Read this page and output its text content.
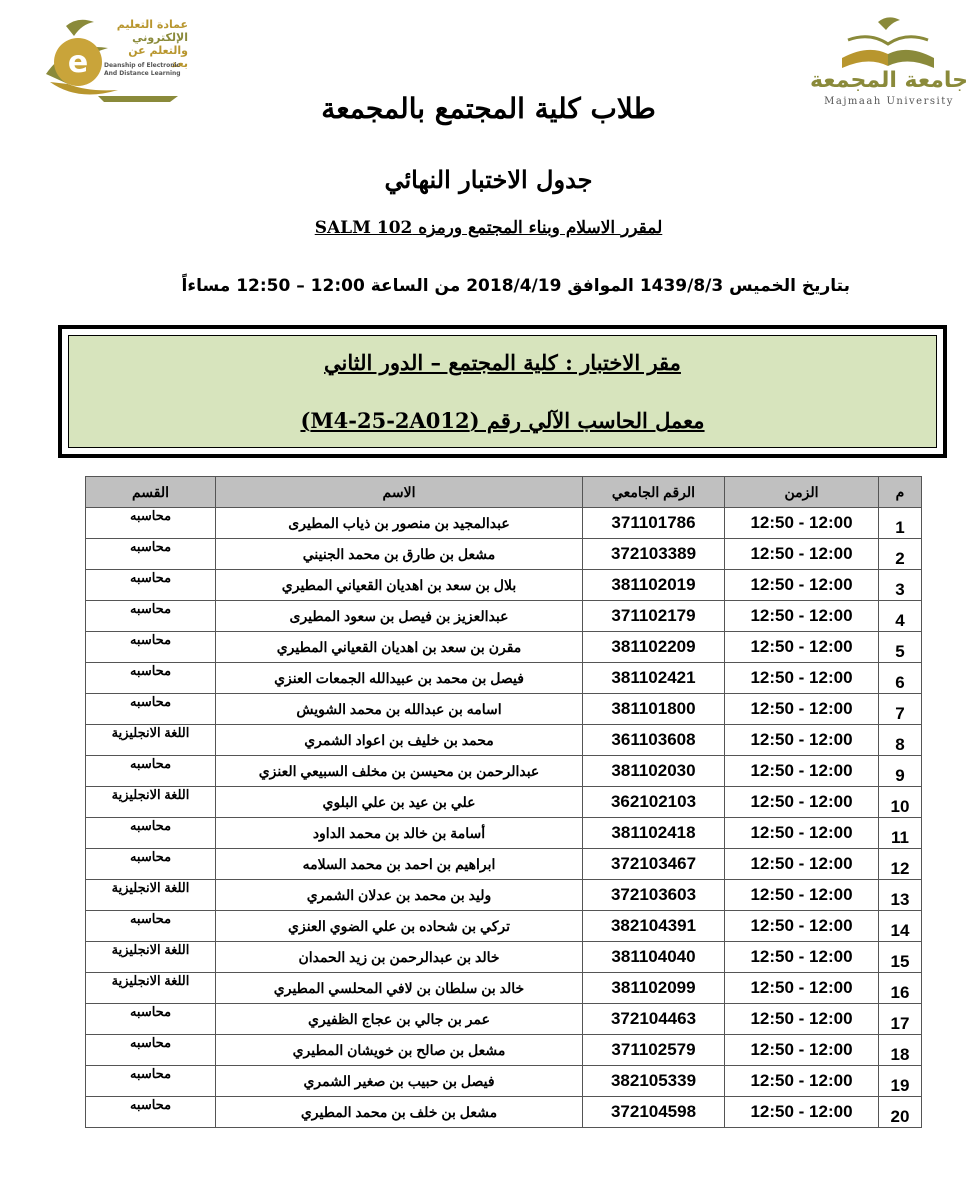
e
عمادة التعليم
الإلكتروني
والتعلم عن بعد
Deanship of Electronic
And Distance Learning	جامعة المجمعة
Majmaah University
طلاب كلية المجتمع بالمجمعة
جدول الاختبار النهائي
لمقرر الاسلام وبناء المجتمع ورمزه SALM 102
بتاريخ الخميس 1439/8/3 الموافق 2018/4/19 من الساعة 12:00 – 12:50 مساءاً
مقر الاختبار : كلية المجتمع – الدور الثاني
معمل الحاسب الآلي رقم (M4-25-2A012)
م	الزمن	الرقم الجامعي	الاسم	القسم
1	12:00 - 12:50	371101786	عبدالمجيد بن منصور بن ذياب المطيرى	محاسبه
2	12:00 - 12:50	372103389	مشعل بن طارق بن محمد الجنيني	محاسبه
3	12:00 - 12:50	381102019	بلال بن سعد بن اهديان القعياني المطيري	محاسبه
4	12:00 - 12:50	371102179	عبدالعزيز بن فيصل بن سعود المطيرى	محاسبه
5	12:00 - 12:50	381102209	مقرن بن سعد بن اهديان القعياني المطيري	محاسبه
6	12:00 - 12:50	381102421	فيصل بن محمد بن عبيدالله الجمعات العنزي	محاسبه
7	12:00 - 12:50	381101800	اسامه بن عبدالله بن محمد الشويش	محاسبه
8	12:00 - 12:50	361103608	محمد بن خليف بن اعواد الشمري	اللغة الانجليزية
9	12:00 - 12:50	381102030	عبدالرحمن بن محيسن بن مخلف السبيعي العنزي	محاسبه
10	12:00 - 12:50	362102103	علي بن عيد بن علي البلوي	اللغة الانجليزية
11	12:00 - 12:50	381102418	أسامة بن خالد بن محمد الداود	محاسبه
12	12:00 - 12:50	372103467	ابراهيم بن احمد بن محمد السلامه	محاسبه
13	12:00 - 12:50	372103603	وليد بن محمد بن عدلان الشمري	اللغة الانجليزية
14	12:00 - 12:50	382104391	تركي بن شحاده بن علي الضوي العنزي	محاسبه
15	12:00 - 12:50	381104040	خالد بن عبدالرحمن بن زيد الحمدان	اللغة الانجليزية
16	12:00 - 12:50	381102099	خالد بن سلطان بن لافي المحلسي المطيري	اللغة الانجليزية
17	12:00 - 12:50	372104463	عمر بن جالي بن عجاج الظفيري	محاسبه
18	12:00 - 12:50	371102579	مشعل بن صالح بن خويشان المطيري	محاسبه
19	12:00 - 12:50	382105339	فيصل بن حبيب بن صغير الشمري	محاسبه
20	12:00 - 12:50	372104598	مشعل بن خلف بن محمد المطيري	محاسبه
